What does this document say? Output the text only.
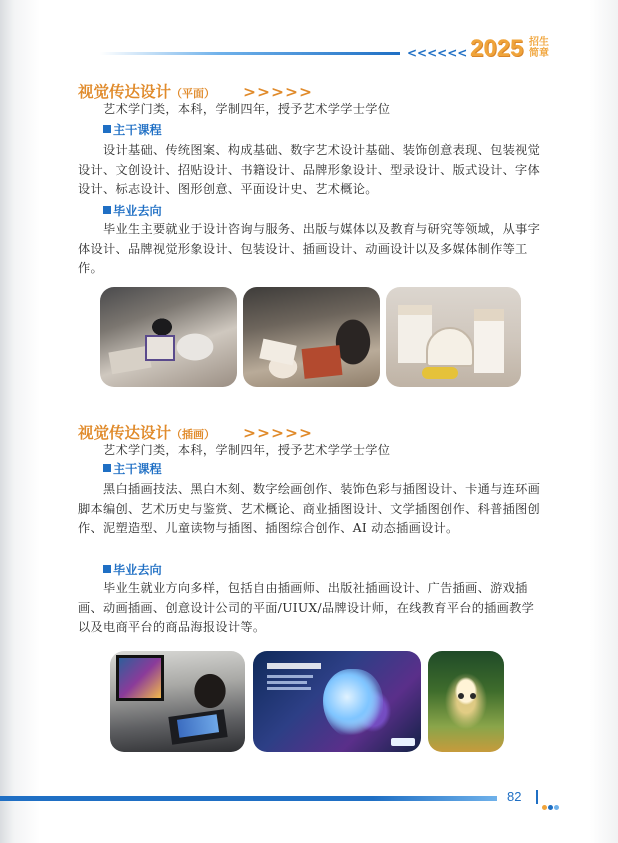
<<<<<< 2025 招生
简章
视觉传达设计（平面） >>>>>
艺术学门类，本科，学制四年，授予艺术学学士学位
主干课程
设计基础、传统图案、构成基础、数字艺术设计基础、装饰创意表现、包装视觉设计、文创设计、招贴设计、书籍设计、品牌形象设计、型录设计、版式设计、字体设计、标志设计、图形创意、平面设计史、艺术概论。
毕业去向
毕业生主要就业于设计咨询与服务、出版与媒体以及教育与研究等领域，从事字体设计、品牌视觉形象设计、包装设计、插画设计、动画设计以及多媒体制作等工作。
视觉传达设计（插画） >>>>>
艺术学门类，本科，学制四年，授予艺术学学士学位
主干课程
黑白插画技法、黑白木刻、数字绘画创作、装饰色彩与插图设计、卡通与连环画脚本编创、艺术历史与鉴赏、艺术概论、商业插图设计、文学插图创作、科普插图创作、泥塑造型、儿童读物与插图、插图综合创作、AI 动态插画设计。
毕业去向
毕业生就业方向多样，包括自由插画师、出版社插画设计、广告插画、游戏插画、动画插画、创意设计公司的平面/UIUX/品牌设计师，在线教育平台的插画教学以及电商平台的商品海报设计等。
82
